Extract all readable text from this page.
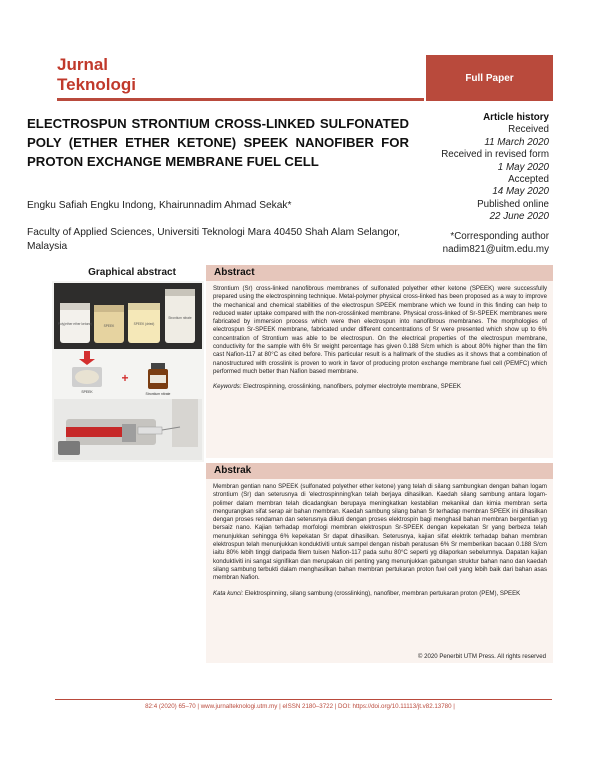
Jurnal
Teknologi	Full Paper
ELECTROSPUN STRONTIUM CROSS-LINKED SULFONATED POLY (ETHER ETHER KETONE) SPEEK NANOFIBER FOR PROTON EXCHANGE MEMBRANE FUEL CELL
Engku Safiah Engku Indong, Khairunnadim Ahmad Sekak*
Faculty of Applied Sciences, Universiti Teknologi Mara 40450 Shah Alam Selangor, Malaysia
Article history
Received
11 March 2020
Received in revised form
1 May 2020
Accepted
14 May 2020
Published online
22 June 2020
*Corresponding author
nadim821@uitm.edu.my
Graphical abstract
Poly(ether ether ketone)	SPEEK	SPEEK (dried)
Strontium nitrate
SPEEK
+
Strontium nitrate
Abstract
Strontium (Sr) cross-linked nanofibrous membranes of sulfonated polyether ether ketone (SPEEK) were successfully prepared using the electrospinning technique. Metal-polymer physical cross-linked has been proposed as a way to improve the mechanical and chemical stabilities of the electrospun SPEEK membrane which we found in this finding can help to reduced water uptake compared with the non-crosslinked membrane. Physical cross-linked of Sr-SPEEK membranes were fabricated by immersion process which were then electrospun into nanofibrous membranes. The morphologies of electrospun Sr-SPEEK membrane, fabricated under different concentrations of Sr were presented which show up to 6% concentration of Strontium was able to be electrospun. On the electrical properties of the electrospun membrane, conductivity for the sample with 6% Sr weight percentage has given 0.188 S/cm which is about 80% higher than the film cast Nafion-117 at 80°C as cited before. This particular result is a hallmark of the studies as it shows that a combination of nanostructured with crosslink is proven to work in favor of producing proton exchange membrane fuel cell (PEMFC) which performed much better than Nafion based membrane.
Keywords: Electrospinning, crosslinking, nanofibers, polymer electrolyte membrane, SPEEK
Abstrak
Membran gentian nano SPEEK (sulfonated polyether ether ketone) yang telah di silang sambungkan dengan bahan logam strontium (Sr) dan seterusnya di 'electrospinning'kan telah berjaya dihasilkan. Kaedah silang sambung antara logam-polimer dalam membran telah dicadangkan berupaya meningkatkan kestabilan mekanikal dan kimia membran serta mengurangkan sifat serap air bahan membran. Kaedah sambung silang bahan Sr terhadap membran SPEEK ini dihasilkan dengan proses rendaman dan seterusnya diikuti dengan proses elektrospin bagi menghasil bahan membran bergentian yg bersaiz nano. Kajian terhadap morfologi membran elektrospun Sr-SPEEK dengan kepekatan Sr yang berbeza telah menunjukkan sehingga 6% kepekatan Sr dapat dihasilkan. Seterusnya, kajian sifat elektrik terhadap bahan membran elektrospun telah menunjukkan konduktiviti untuk sampel dengan nisbah peratusan 6% Sr memberikan bacaan 0.188 S/cm iaitu 80% lebih tinggi daripada filem tuisen Nafion-117 pada suhu 80°C seperti yg dilaporkan sebelumnya. Dapatan kajian konduktiviti ini sangat signifikan dan merupakan ciri penting yang menunjukkan gabungan struktur bahan nano dan kaedah silang sambung terbukti dalam menghasilkan bahan membran pertukaran proton fuel cell yang lebih baik dari bahan asas membran Nafion.
Kata kunci: Elektrospinning, silang sambung (crosslinking), nanofiber, membran pertukaran proton (PEM), SPEEK
© 2020 Penerbit UTM Press. All rights reserved
82:4 (2020) 65–70 | www.jurnalteknologi.utm.my | eISSN 2180–3722 | DOI: https://doi.org/10.11113/jt.v82.13780 |
